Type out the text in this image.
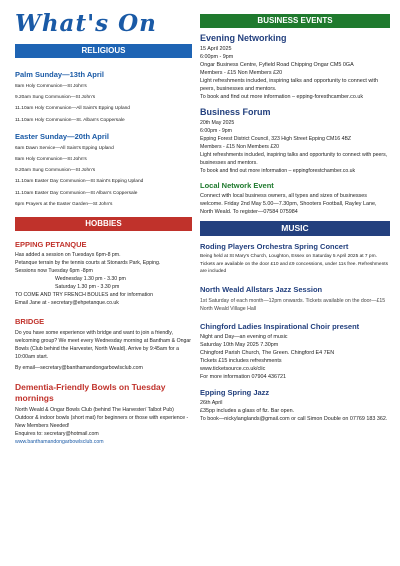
What's On
RELIGIOUS
Palm Sunday—13th April
8am Holy Communion—St John's
9.20am Sung Communion—St John's
11.10am Holy Communion—All Saint's Epping Upland
11.10am Holy Communion—St. Alban's Coppersale
Easter Sunday—20th April
6am Dawn Service—All Saint's Epping Upland
8am Holy Communion—St John's
9.20am Sung Communion—St John's
11.10am Easter Day Communion—St Saint's Epping Upland
11.10am Easter Day Communion—St Alban's Coppersale
6pm Prayers at the Easter Garden—St John's
HOBBIES
EPPING PETANQUE
Has added a session on Tuesdays 6pm-8 pm.
Petanque terrain by the tennis courts at Stonards Park, Epping.
Sessions now Tuesday 6pm -8pm
Wednesday 1.30 pm - 3.30 pm
Saturday 1.30 pm - 3.30 pm
TO COME AND TRY FRENCH BOULES and for information
Email Jane at - secretary@ehpetanque.co.uk
BRIDGE
Do you have some experience with bridge and want to join a friendly, welcoming group? We meet every Wednesday morning at Bantham & Ongar Bowls (Club behind the Harvester, North Weald). Arrive by 9:45am for a 10:00am start.
By email—secretary@banthamandongarbowlsclub.com
Dementia-Friendly Bowls on Tuesday mornings
North Weald & Ongar Bowls Club (behind The Harvester/ Talbot Pub)
Outdoor & indoor bowls (short mat) for beginners or those with experience - New Members Needed!
Enquires to: secretary@hotmail.com
www.banthamandongarbowlsclub.com
BUSINESS EVENTS
Evening Networking
15 April 2025
6:00pm - 9pm
Ongar Business Centre, Fyfield Road Chipping Ongar CM5 0GA
Members - £15 Non Members £20
Light refreshments included, inspiring talks and opportunity to connect with peers, businesses and mentors.
To book and find out more information – epping-foresthcamber.co.uk
Business Forum
20th May 2025
6:00pm - 9pm
Epping Forest District Council, 323 High Street Epping CM16 4BZ
Members - £15 Non Members £20
Light refreshments included, inspiring talks and opportunity to connect with peers, businesses and mentors.
To book and find out more information – eppingforestchamber.co.uk
Local Network Event
Connect with local business owners, all types and sizes of businesses welcome. Friday 2nd May 5.00—7.30pm, Shooters Football, Rayley Lane, North Weald. To register—07584 075984
MUSIC
Roding Players Orchestra Spring Concert
Being held at St Mary's Church, Loughton, Essex on Saturday 5 April 2025 at 7 pm. Tickets are available on the door £10 and £9 concessions, under 11s free. Refreshments are included
North Weald Allstars Jazz Session
1st Saturday of each month—12pm onwards. Tickets available on the door—£15
North Weald Village Hall
Chingford Ladies Inspirational Choir present
Night and Day—an evening of music
Saturday 10th May 2025 7.30pm
Chingford Parish Church, The Green. Chingford E4 7EN
Tickets £15 includes refreshments
www.ticketsource.co.uk/clic
For more information 07904 436721
Epping Spring Jazz
26th April
£35pp includes a glass of fiz. Bar open.
To book—nickylanglands@gmail.com or call Simon Double on 07769 183 362.
